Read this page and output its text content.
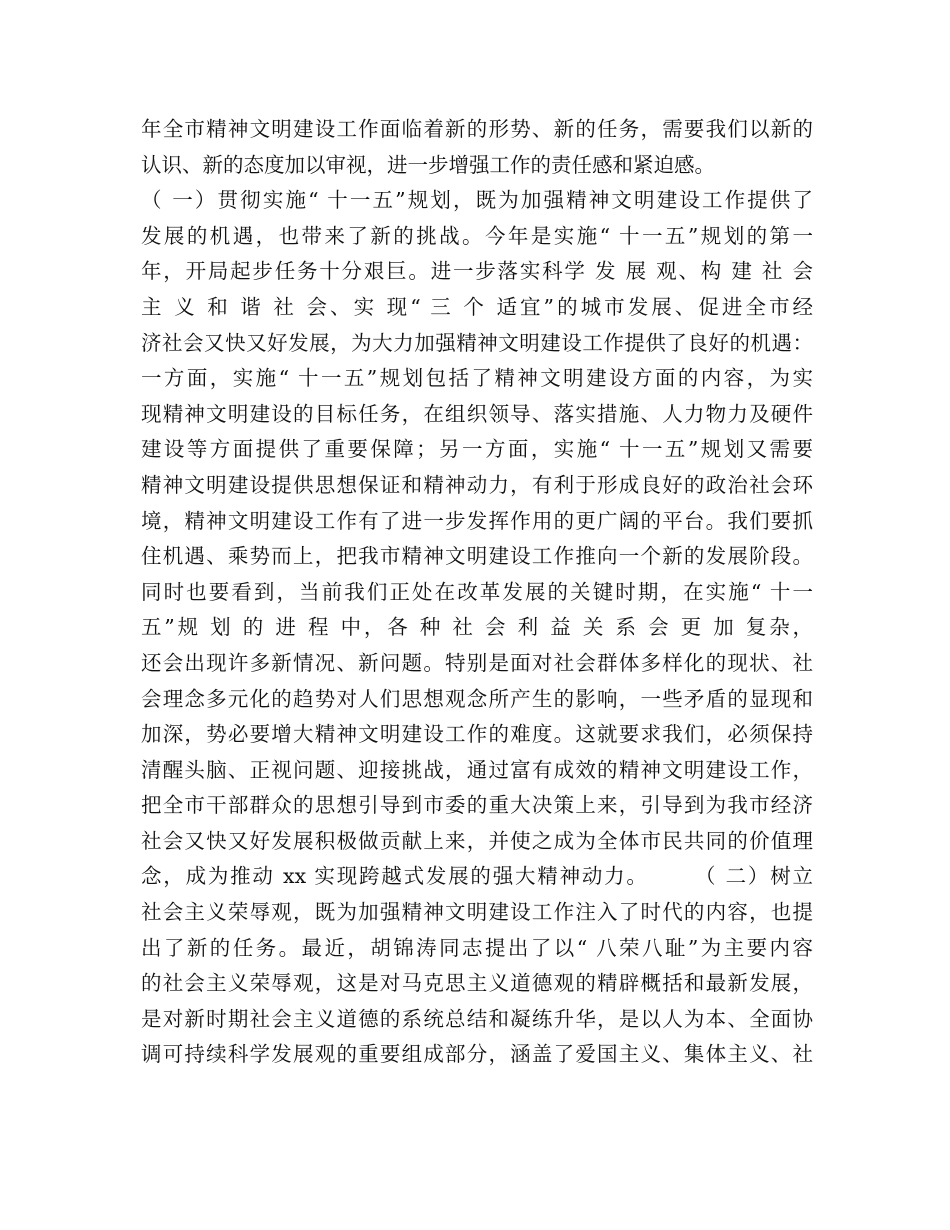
年全市精神文明建设工作面临着新的形势、新的任务，需要我们以新的
认识、新的态度加以审视，进一步增强工作的责任感和紧迫感。
（ 一）贯彻实施“ 十一五”规划，既为加强精神文明建设工作提供了
发展的机遇，也带来了新的挑战。今年是实施“ 十一五”规划的第一
年，开局起步任务十分艰巨。进一步落实科学 发 展 观、构 建 社 会
主 义 和 谐 社 会、实 现“ 三 个 适宜”的城市发展、促进全市经
济社会又快又好发展，为大力加强精神文明建设工作提供了良好的机遇：
一方面，实施“ 十一五”规划包括了精神文明建设方面的内容，为实
现精神文明建设的目标任务，在组织领导、落实措施、人力物力及硬件
建设等方面提供了重要保障；另一方面，实施“ 十一五”规划又需要
精神文明建设提供思想保证和精神动力，有利于形成良好的政治社会环
境，精神文明建设工作有了进一步发挥作用的更广阔的平台。我们要抓
住机遇、乘势而上，把我市精神文明建设工作推向一个新的发展阶段。
同时也要看到，当前我们正处在改革发展的关键时期，在实施“ 十一
五”规 划 的 进 程 中，各 种 社 会 利 益 关 系 会 更 加 复杂，
还会出现许多新情况、新问题。特别是面对社会群体多样化的现状、社
会理念多元化的趋势对人们思想观念所产生的影响，一些矛盾的显现和
加深，势必要增大精神文明建设工作的难度。这就要求我们，必须保持
清醒头脑、正视问题、迎接挑战，通过富有成效的精神文明建设工作，
把全市干部群众的思想引导到市委的重大决策上来，引导到为我市经济
社会又快又好发展积极做贡献上来，并使之成为全体市民共同的价值理
念，成为推动 xx 实现跨越式发展的强大精神动力。　　　（ 二）树立
社会主义荣辱观，既为加强精神文明建设工作注入了时代的内容，也提
出了新的任务。最近，胡锦涛同志提出了以“ 八荣八耻”为主要内容
的社会主义荣辱观，这是对马克思主义道德观的精辟概括和最新发展，
是对新时期社会主义道德的系统总结和凝练升华，是以人为本、全面协
调可持续科学发展观的重要组成部分，涵盖了爱国主义、集体主义、社
